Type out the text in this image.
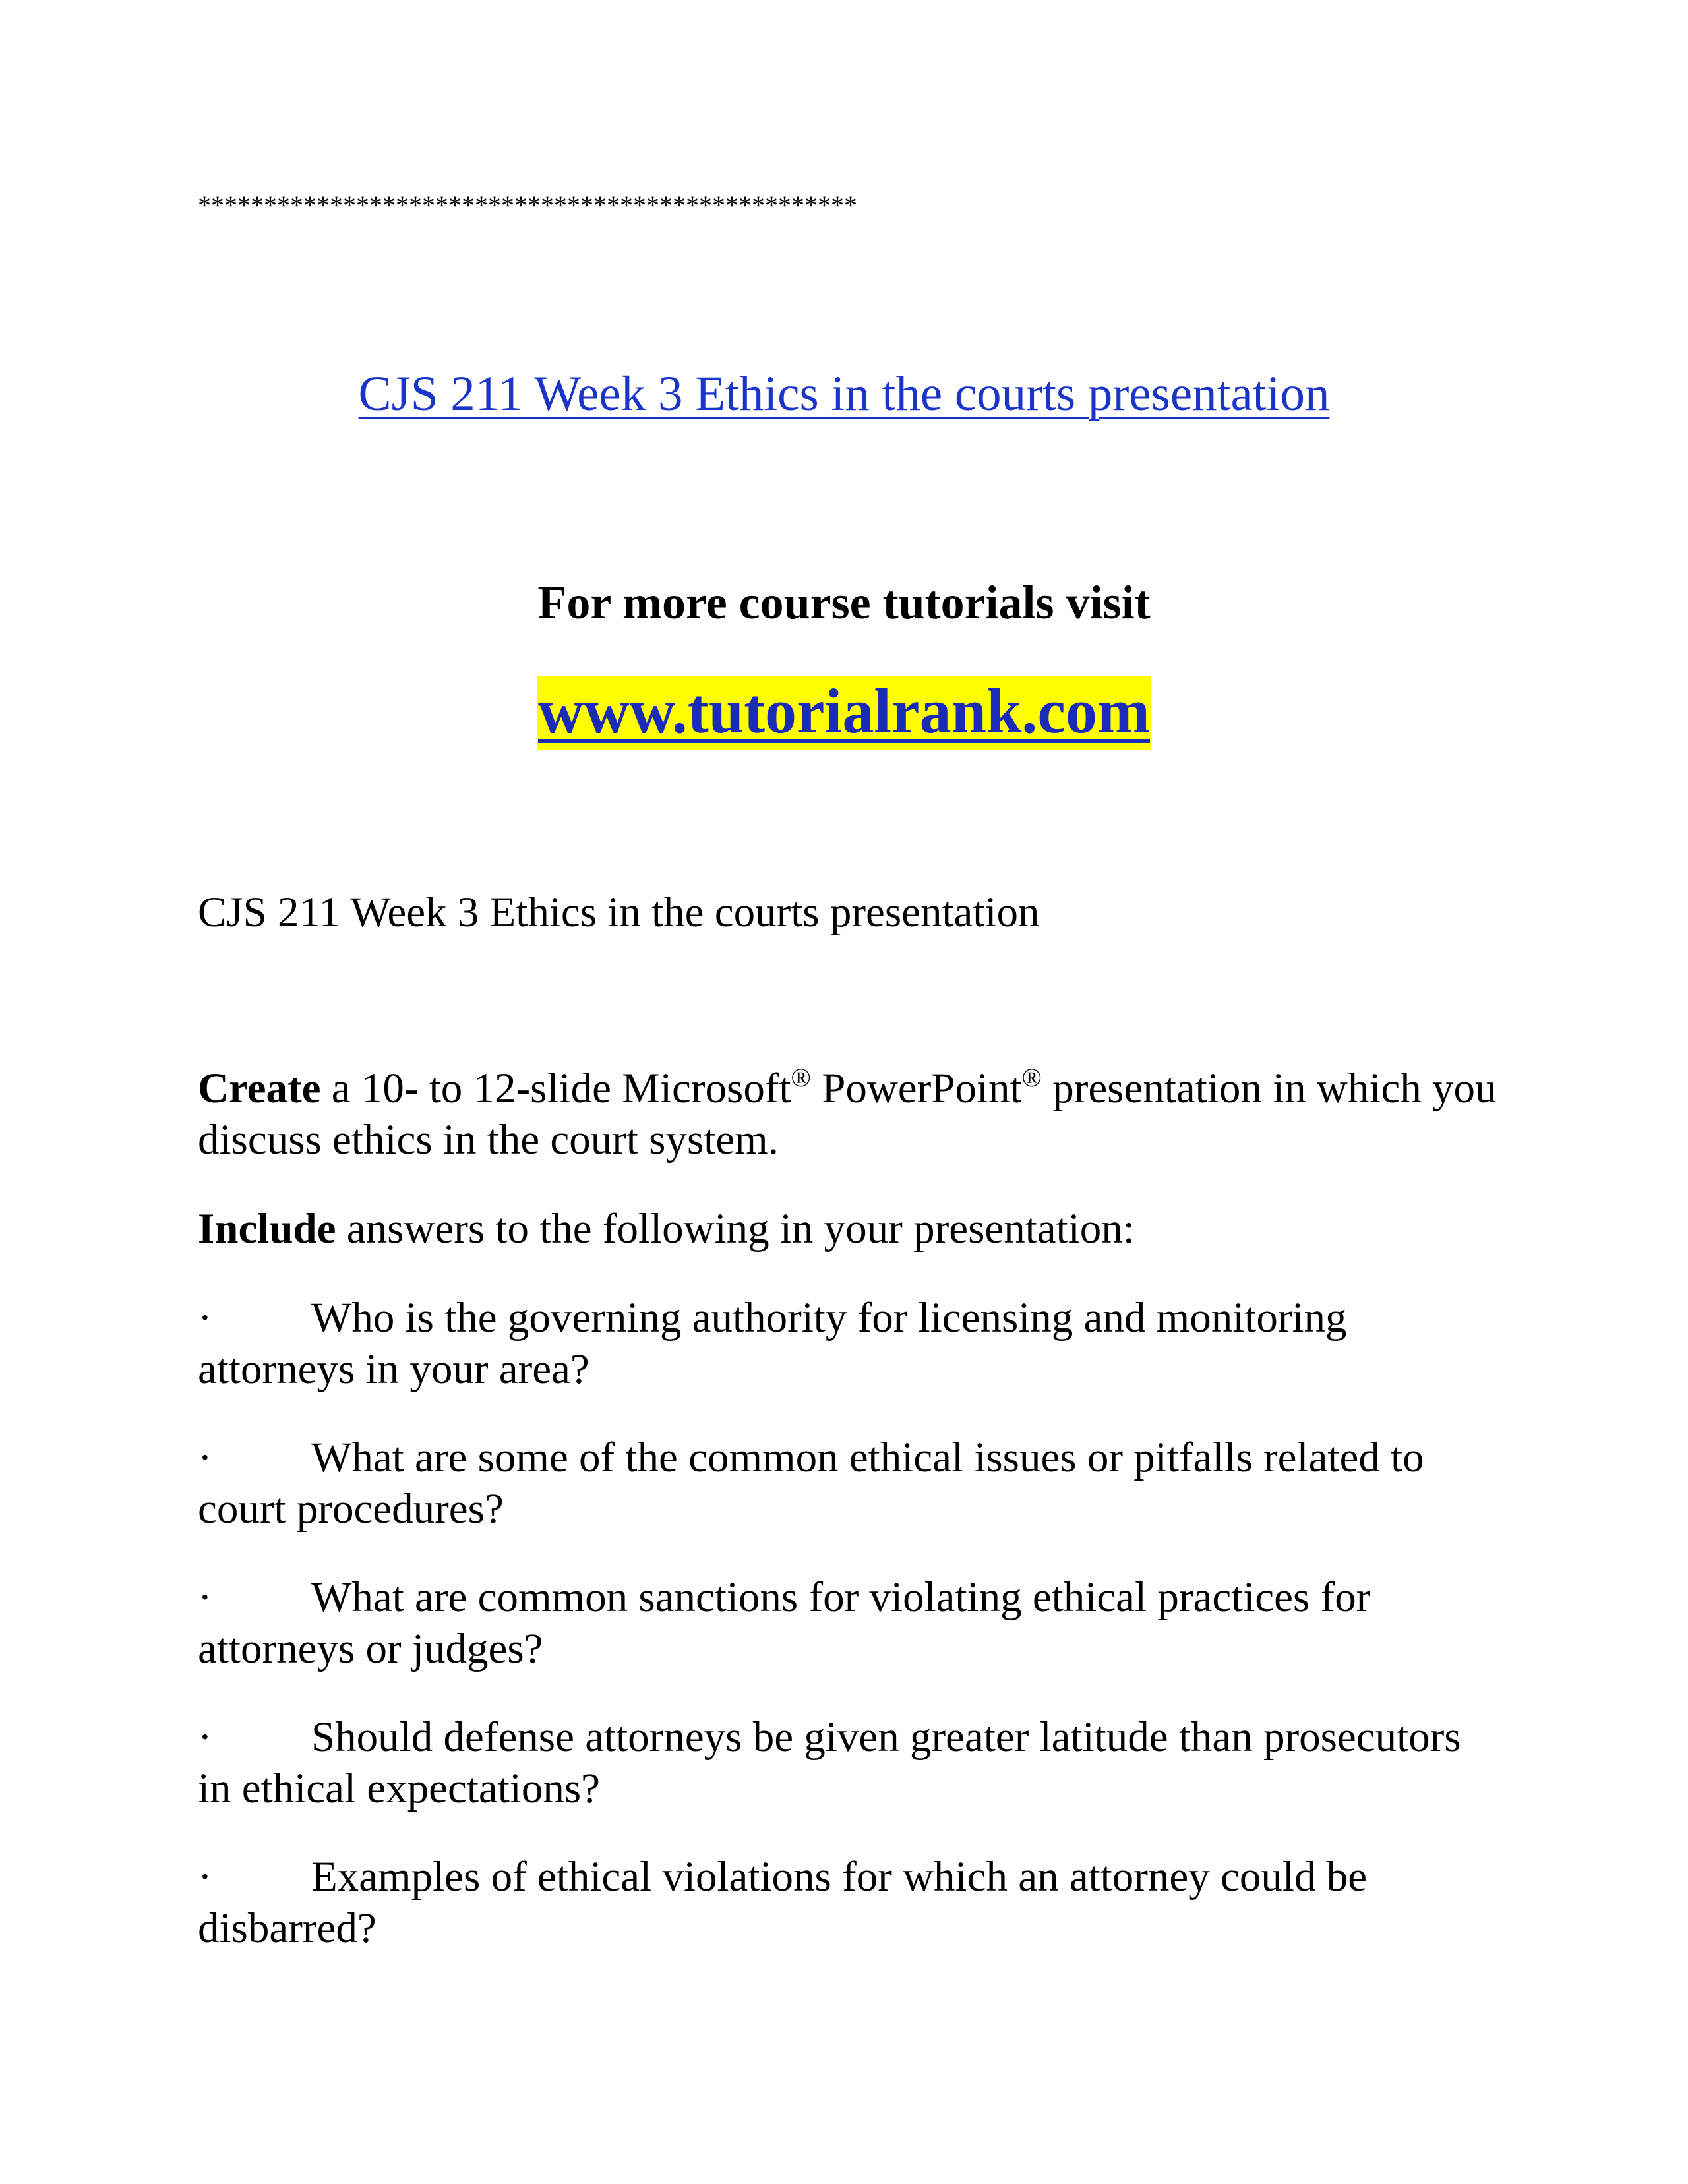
**************************************************
CJS 211 Week 3 Ethics in the courts presentation
For more course tutorials visit
www.tutorialrank.com
CJS 211 Week 3 Ethics in the courts presentation
Create a 10- to 12-slide Microsoft® PowerPoint® presentation in which you discuss ethics in the court system.
Include answers to the following in your presentation:
· Who is the governing authority for licensing and monitoring attorneys in your area?
· What are some of the common ethical issues or pitfalls related to court procedures?
· What are common sanctions for violating ethical practices for attorneys or judges?
· Should defense attorneys be given greater latitude than prosecutors in ethical expectations?
· Examples of ethical violations for which an attorney could be disbarred?
